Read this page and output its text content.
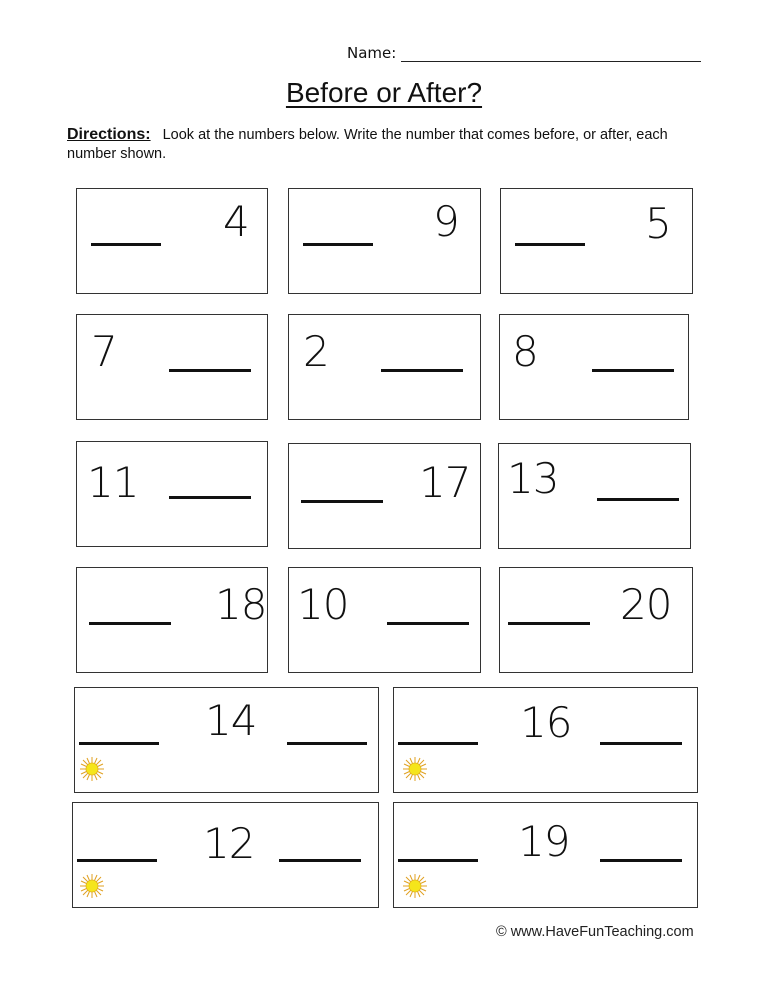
Name:
Before or After?
Directions: Look at the numbers below. Write the number that comes before, or after, each number shown.
4	9	5
7	2	8
11	17 13
18 10	20
14	16
12	19
© www.HaveFunTeaching.com
